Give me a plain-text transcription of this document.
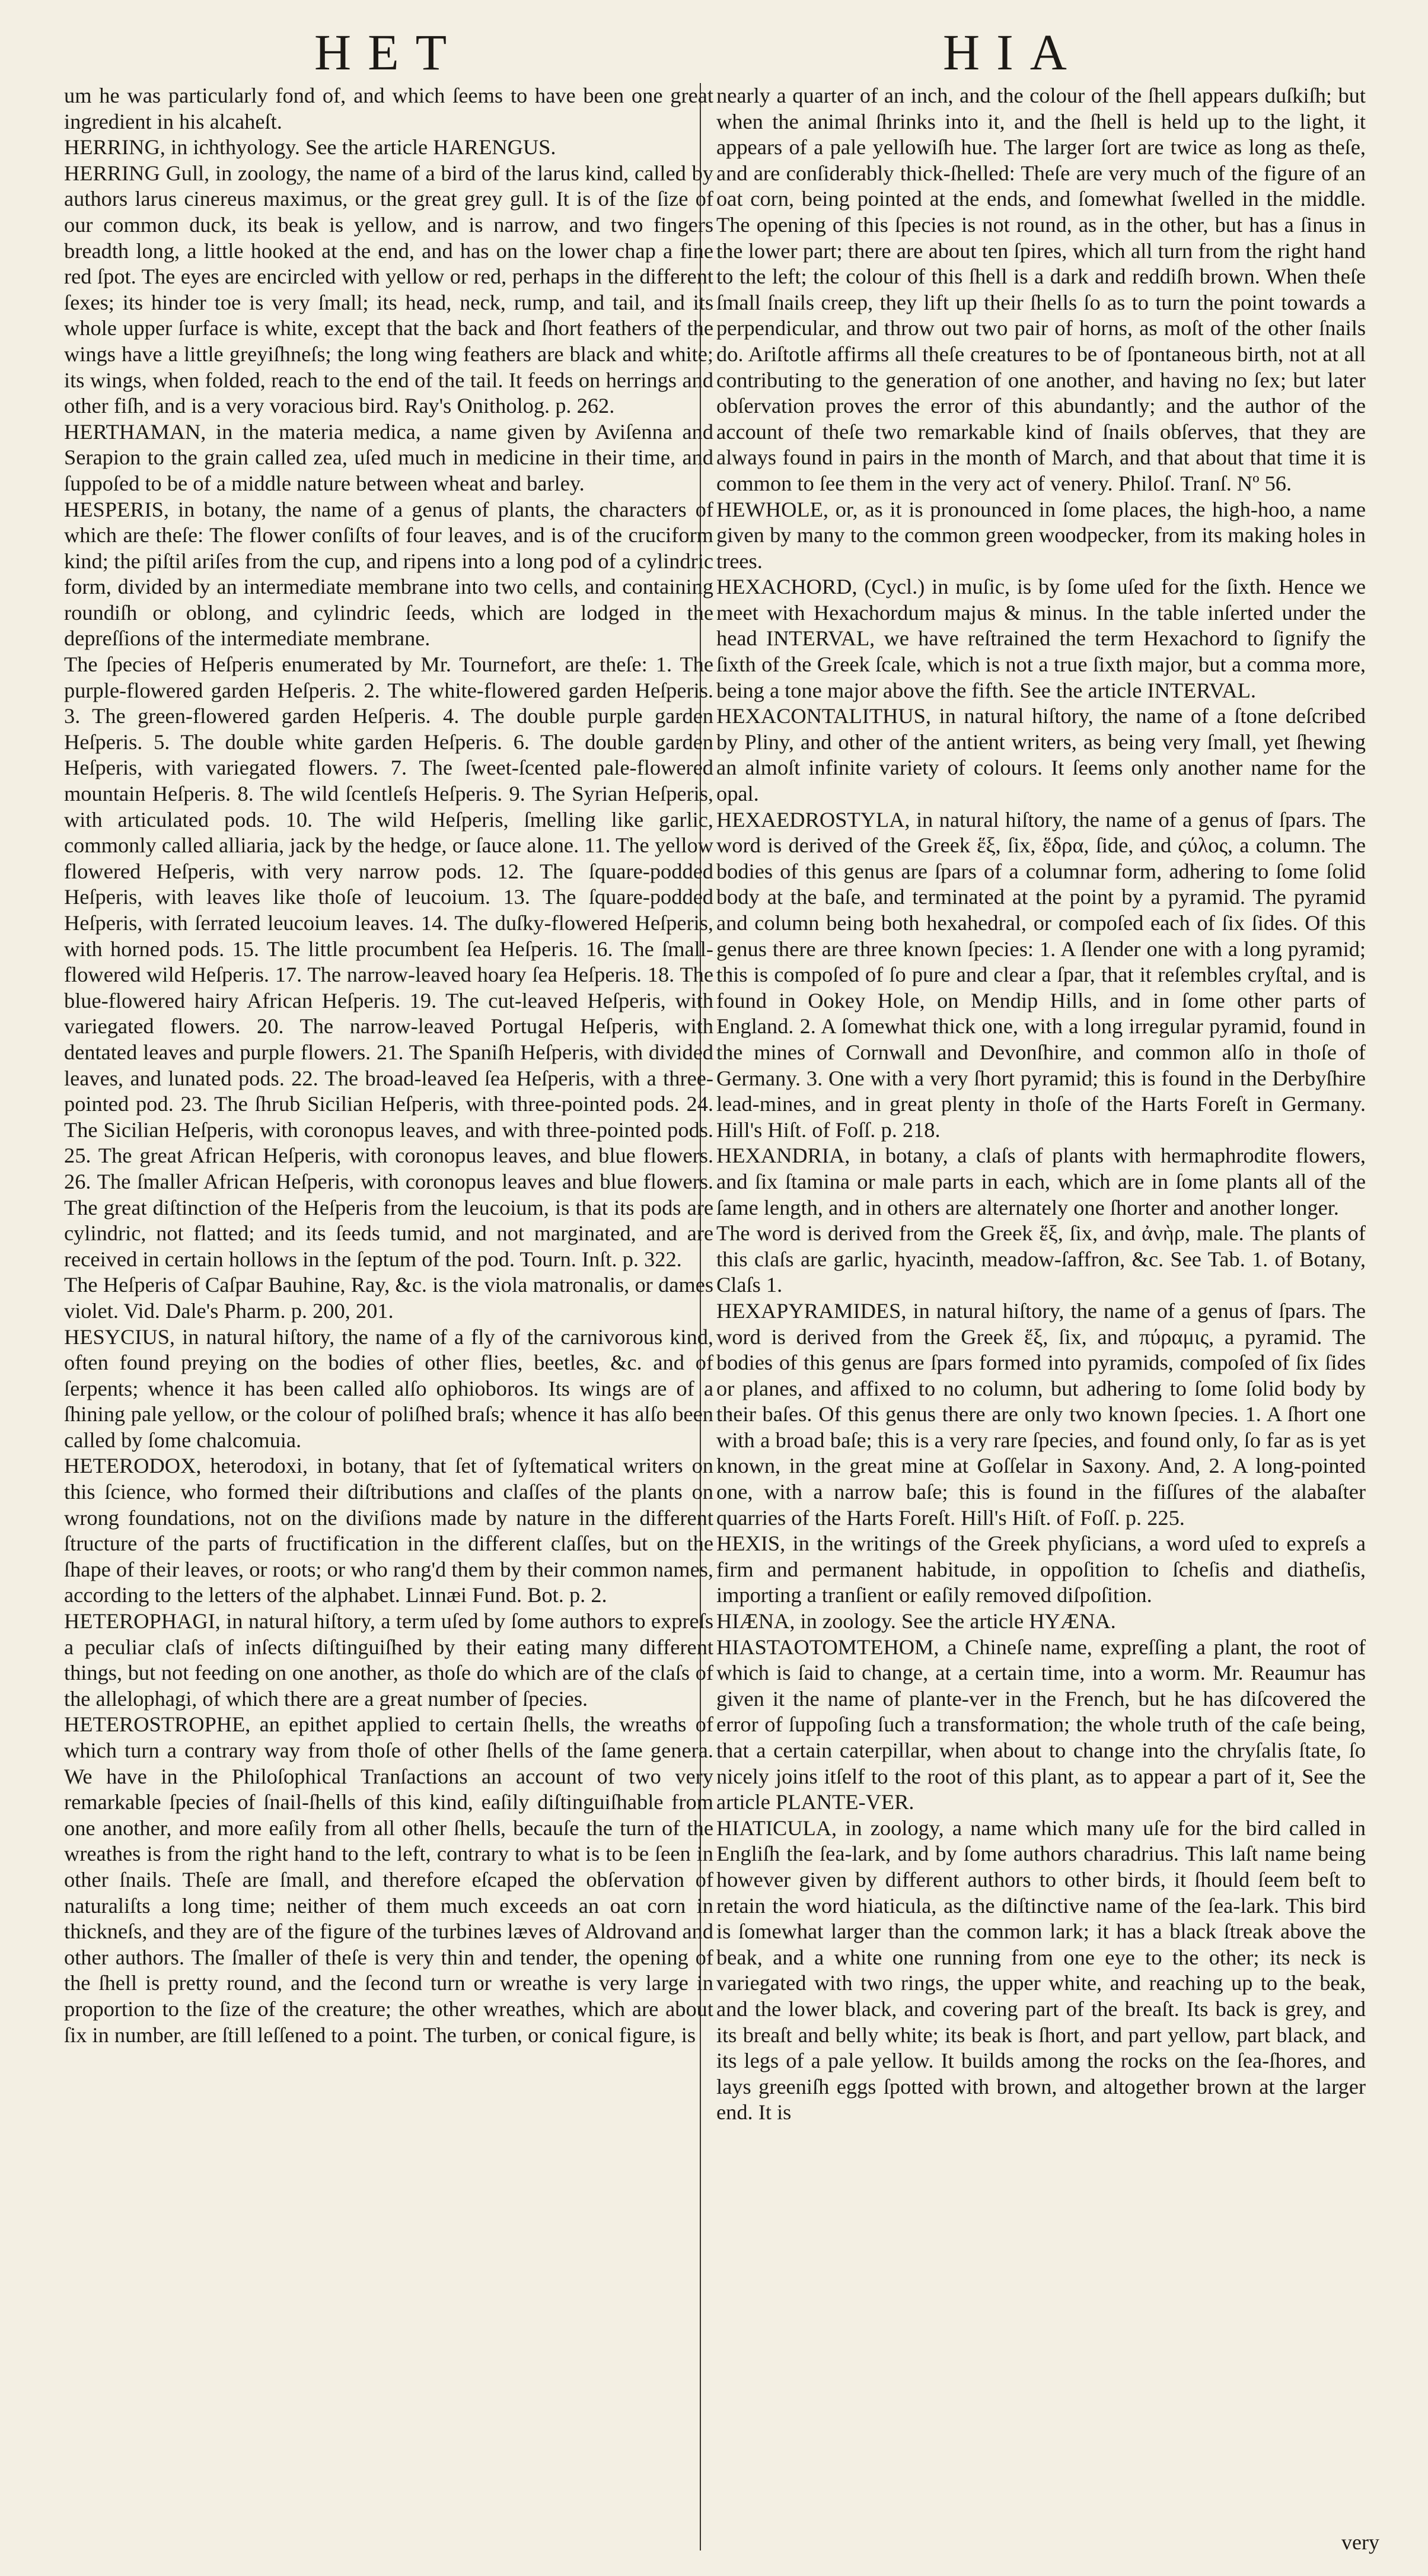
HET	HIA

um he was particularly fond of, and which ſeems to have been one great ingredient in his alcaheſt.

HERRING, in ichthyology. See the article HARENGUS.

HERRING Gull, in zoology, the name of a bird of the larus kind, called by authors larus cinereus maximus, or the great grey gull. It is of the ſize of our common duck, its beak is yellow, and is narrow, and two fingers breadth long, a little hooked at the end, and has on the lower chap a fine red ſpot. The eyes are encircled with yellow or red, perhaps in the different ſexes; its hinder toe is very ſmall; its head, neck, rump, and tail, and its whole upper ſurface is white, except that the back and ſhort feathers of the wings have a little greyiſhneſs; the long wing feathers are black and white; its wings, when folded, reach to the end of the tail. It feeds on herrings and other fiſh, and is a very voracious bird. Ray's Onitholog. p. 262.

HERTHAMAN, in the materia medica, a name given by Aviſenna and Serapion to the grain called zea, uſed much in medicine in their time, and ſuppoſed to be of a middle nature between wheat and barley.

HESPERIS, in botany, the name of a genus of plants, the characters of which are theſe: The flower conſiſts of four leaves, and is of the cruciform kind; the piſtil ariſes from the cup, and ripens into a long pod of a cylindric form, divided by an intermediate membrane into two cells, and containing roundiſh or oblong, and cylindric ſeeds, which are lodged in the depreſſions of the intermediate membrane.

The ſpecies of Heſperis enumerated by Mr. Tournefort, are theſe: 1. The purple-flowered garden Heſperis. 2. The white-flowered garden Heſperis. 3. The green-flowered garden Heſperis. 4. The double purple garden Heſperis. 5. The double white garden Heſperis. 6. The double garden Heſperis, with variegated flowers. 7. The ſweet-ſcented pale-flowered mountain Heſperis. 8. The wild ſcentleſs Heſperis. 9. The Syrian Heſperis, with articulated pods. 10. The wild Heſperis, ſmelling like garlic, commonly called alliaria, jack by the hedge, or ſauce alone. 11. The yellow flowered Heſperis, with very narrow pods. 12. The ſquare-podded Heſperis, with leaves like thoſe of leucoium. 13. The ſquare-podded Heſperis, with ſerrated leucoium leaves. 14. The duſky-flowered Heſperis, with horned pods. 15. The little procumbent ſea Heſperis. 16. The ſmall-flowered wild Heſperis. 17. The narrow-leaved hoary ſea Heſperis. 18. The blue-flowered hairy African Heſperis. 19. The cut-leaved Heſperis, with variegated flowers. 20. The narrow-leaved Portugal Heſperis, with dentated leaves and purple flowers. 21. The Spaniſh Heſperis, with divided leaves, and lunated pods. 22. The broad-leaved ſea Heſperis, with a three-pointed pod. 23. The ſhrub Sicilian Heſperis, with three-pointed pods. 24. The Sicilian Heſperis, with coronopus leaves, and with three-pointed pods. 25. The great African Heſperis, with coronopus leaves, and blue flowers. 26. The ſmaller African Heſperis, with coronopus leaves and blue flowers. The great diſtinction of the Heſperis from the leucoium, is that its pods are cylindric, not flatted; and its ſeeds tumid, and not marginated, and are received in certain hollows in the ſeptum of the pod. Tourn. Inſt. p. 322.

The Heſperis of Caſpar Bauhine, Ray, &c. is the viola matronalis, or dames violet. Vid. Dale's Pharm. p. 200, 201.

HESYCIUS, in natural hiſtory, the name of a fly of the carnivorous kind, often found preying on the bodies of other flies, beetles, &c. and of ſerpents; whence it has been called alſo ophioboros. Its wings are of a ſhining pale yellow, or the colour of poliſhed braſs; whence it has alſo been called by ſome chalcomuia.

HETERODOX, heterodoxi, in botany, that ſet of ſyſtematical writers on this ſcience, who formed their diſtributions and claſſes of the plants on wrong foundations, not on the diviſions made by nature in the different ſtructure of the parts of fructification in the different claſſes, but on the ſhape of their leaves, or roots; or who rang'd them by their common names, according to the letters of the alphabet. Linnæi Fund. Bot. p. 2.

HETEROPHAGI, in natural hiſtory, a term uſed by ſome authors to expreſs a peculiar claſs of inſects diſtinguiſhed by their eating many different things, but not feeding on one another, as thoſe do which are of the claſs of the allelophagi, of which there are a great number of ſpecies.

HETEROSTROPHE, an epithet applied to certain ſhells, the wreaths of which turn a contrary way from thoſe of other ſhells of the ſame genera. We have in the Philoſophical Tranſactions an account of two very remarkable ſpecies of ſnail-ſhells of this kind, eaſily diſtinguiſhable from one another, and more eaſily from all other ſhells, becauſe the turn of the wreathes is from the right hand to the left, contrary to what is to be ſeen in other ſnails. Theſe are ſmall, and therefore eſcaped the obſervation of naturaliſts a long time; neither of them much exceeds an oat corn in thickneſs, and they are of the figure of the turbines læves of Aldrovand and other authors. The ſmaller of theſe is very thin and tender, the opening of the ſhell is pretty round, and the ſecond turn or wreathe is very large in proportion to the ſize of the creature; the other wreathes, which are about ſix in number, are ſtill leſſened to a point. The turben, or conical figure, is

nearly a quarter of an inch, and the colour of the ſhell appears duſkiſh; but when the animal ſhrinks into it, and the ſhell is held up to the light, it appears of a pale yellowiſh hue. The larger ſort are twice as long as theſe, and are conſiderably thick-ſhelled: Theſe are very much of the figure of an oat corn, being pointed at the ends, and ſomewhat ſwelled in the middle. The opening of this ſpecies is not round, as in the other, but has a ſinus in the lower part; there are about ten ſpires, which all turn from the right hand to the left; the colour of this ſhell is a dark and reddiſh brown. When theſe ſmall ſnails creep, they lift up their ſhells ſo as to turn the point towards a perpendicular, and throw out two pair of horns, as moſt of the other ſnails do. Ariſtotle affirms all theſe creatures to be of ſpontaneous birth, not at all contributing to the generation of one another, and having no ſex; but later obſervation proves the error of this abundantly; and the author of the account of theſe two remarkable kind of ſnails obſerves, that they are always found in pairs in the month of March, and that about that time it is common to ſee them in the very act of venery. Philoſ. Tranſ. Nº 56.

HEWHOLE, or, as it is pronounced in ſome places, the high-hoo, a name given by many to the common green woodpecker, from its making holes in trees.

HEXACHORD, (Cycl.) in muſic, is by ſome uſed for the ſixth. Hence we meet with Hexachordum majus & minus. In the table inſerted under the head INTERVAL, we have reſtrained the term Hexachord to ſignify the ſixth of the Greek ſcale, which is not a true ſixth major, but a comma more, being a tone major above the fifth. See the article INTERVAL.

HEXACONTALITHUS, in natural hiſtory, the name of a ſtone deſcribed by Pliny, and other of the antient writers, as being very ſmall, yet ſhewing an almoſt infinite variety of colours. It ſeems only another name for the opal.

HEXAEDROSTYLA, in natural hiſtory, the name of a genus of ſpars. The word is derived of the Greek ἕξ, ſix, ἕδρα, ſide, and ϛύλος, a column. The bodies of this genus are ſpars of a columnar form, adhering to ſome ſolid body at the baſe, and terminated at the point by a pyramid. The pyramid and column being both hexahedral, or compoſed each of ſix ſides. Of this genus there are three known ſpecies: 1. A ſlender one with a long pyramid; this is compoſed of ſo pure and clear a ſpar, that it reſembles cryſtal, and is found in Ookey Hole, on Mendip Hills, and in ſome other parts of England. 2. A ſomewhat thick one, with a long irregular pyramid, found in the mines of Cornwall and Devonſhire, and common alſo in thoſe of Germany. 3. One with a very ſhort pyramid; this is found in the Derbyſhire lead-mines, and in great plenty in thoſe of the Harts Foreſt in Germany. Hill's Hiſt. of Foſſ. p. 218.

HEXANDRIA, in botany, a claſs of plants with hermaphrodite flowers, and ſix ſtamina or male parts in each, which are in ſome plants all of the ſame length, and in others are alternately one ſhorter and another longer.

The word is derived from the Greek ἕξ, ſix, and ἀνὴρ, male. The plants of this claſs are garlic, hyacinth, meadow-ſaffron, &c. See Tab. 1. of Botany, Claſs 1.

HEXAPYRAMIDES, in natural hiſtory, the name of a genus of ſpars. The word is derived from the Greek ἕξ, ſix, and πύραμις, a pyramid. The bodies of this genus are ſpars formed into pyramids, compoſed of ſix ſides or planes, and affixed to no column, but adhering to ſome ſolid body by their baſes. Of this genus there are only two known ſpecies. 1. A ſhort one with a broad baſe; this is a very rare ſpecies, and found only, ſo far as is yet known, in the great mine at Goſſelar in Saxony. And, 2. A long-pointed one, with a narrow baſe; this is found in the fiſſures of the alabaſter quarries of the Harts Foreſt. Hill's Hiſt. of Foſſ. p. 225.

HEXIS, in the writings of the Greek phyſicians, a word uſed to expreſs a firm and permanent habitude, in oppoſition to ſcheſis and diatheſis, importing a tranſient or eaſily removed diſpoſition.

HIÆNA, in zoology. See the article HYÆNA.

HIASTAOTOMTEHOM, a Chineſe name, expreſſing a plant, the root of which is ſaid to change, at a certain time, into a worm. Mr. Reaumur has given it the name of plante-ver in the French, but he has diſcovered the error of ſuppoſing ſuch a transformation; the whole truth of the caſe being, that a certain caterpillar, when about to change into the chryſalis ſtate, ſo nicely joins itſelf to the root of this plant, as to appear a part of it, See the article PLANTE-VER.

HIATICULA, in zoology, a name which many uſe for the bird called in Engliſh the ſea-lark, and by ſome authors charadrius. This laſt name being however given by different authors to other birds, it ſhould ſeem beſt to retain the word hiaticula, as the diſtinctive name of the ſea-lark. This bird is ſomewhat larger than the common lark; it has a black ſtreak above the beak, and a white one running from one eye to the other; its neck is variegated with two rings, the upper white, and reaching up to the beak, and the lower black, and covering part of the breaſt. Its back is grey, and its breaſt and belly white; its beak is ſhort, and part yellow, part black, and its legs of a pale yellow. It builds among the rocks on the ſea-ſhores, and lays greeniſh eggs ſpotted with brown, and altogether brown at the larger end. It is

very
